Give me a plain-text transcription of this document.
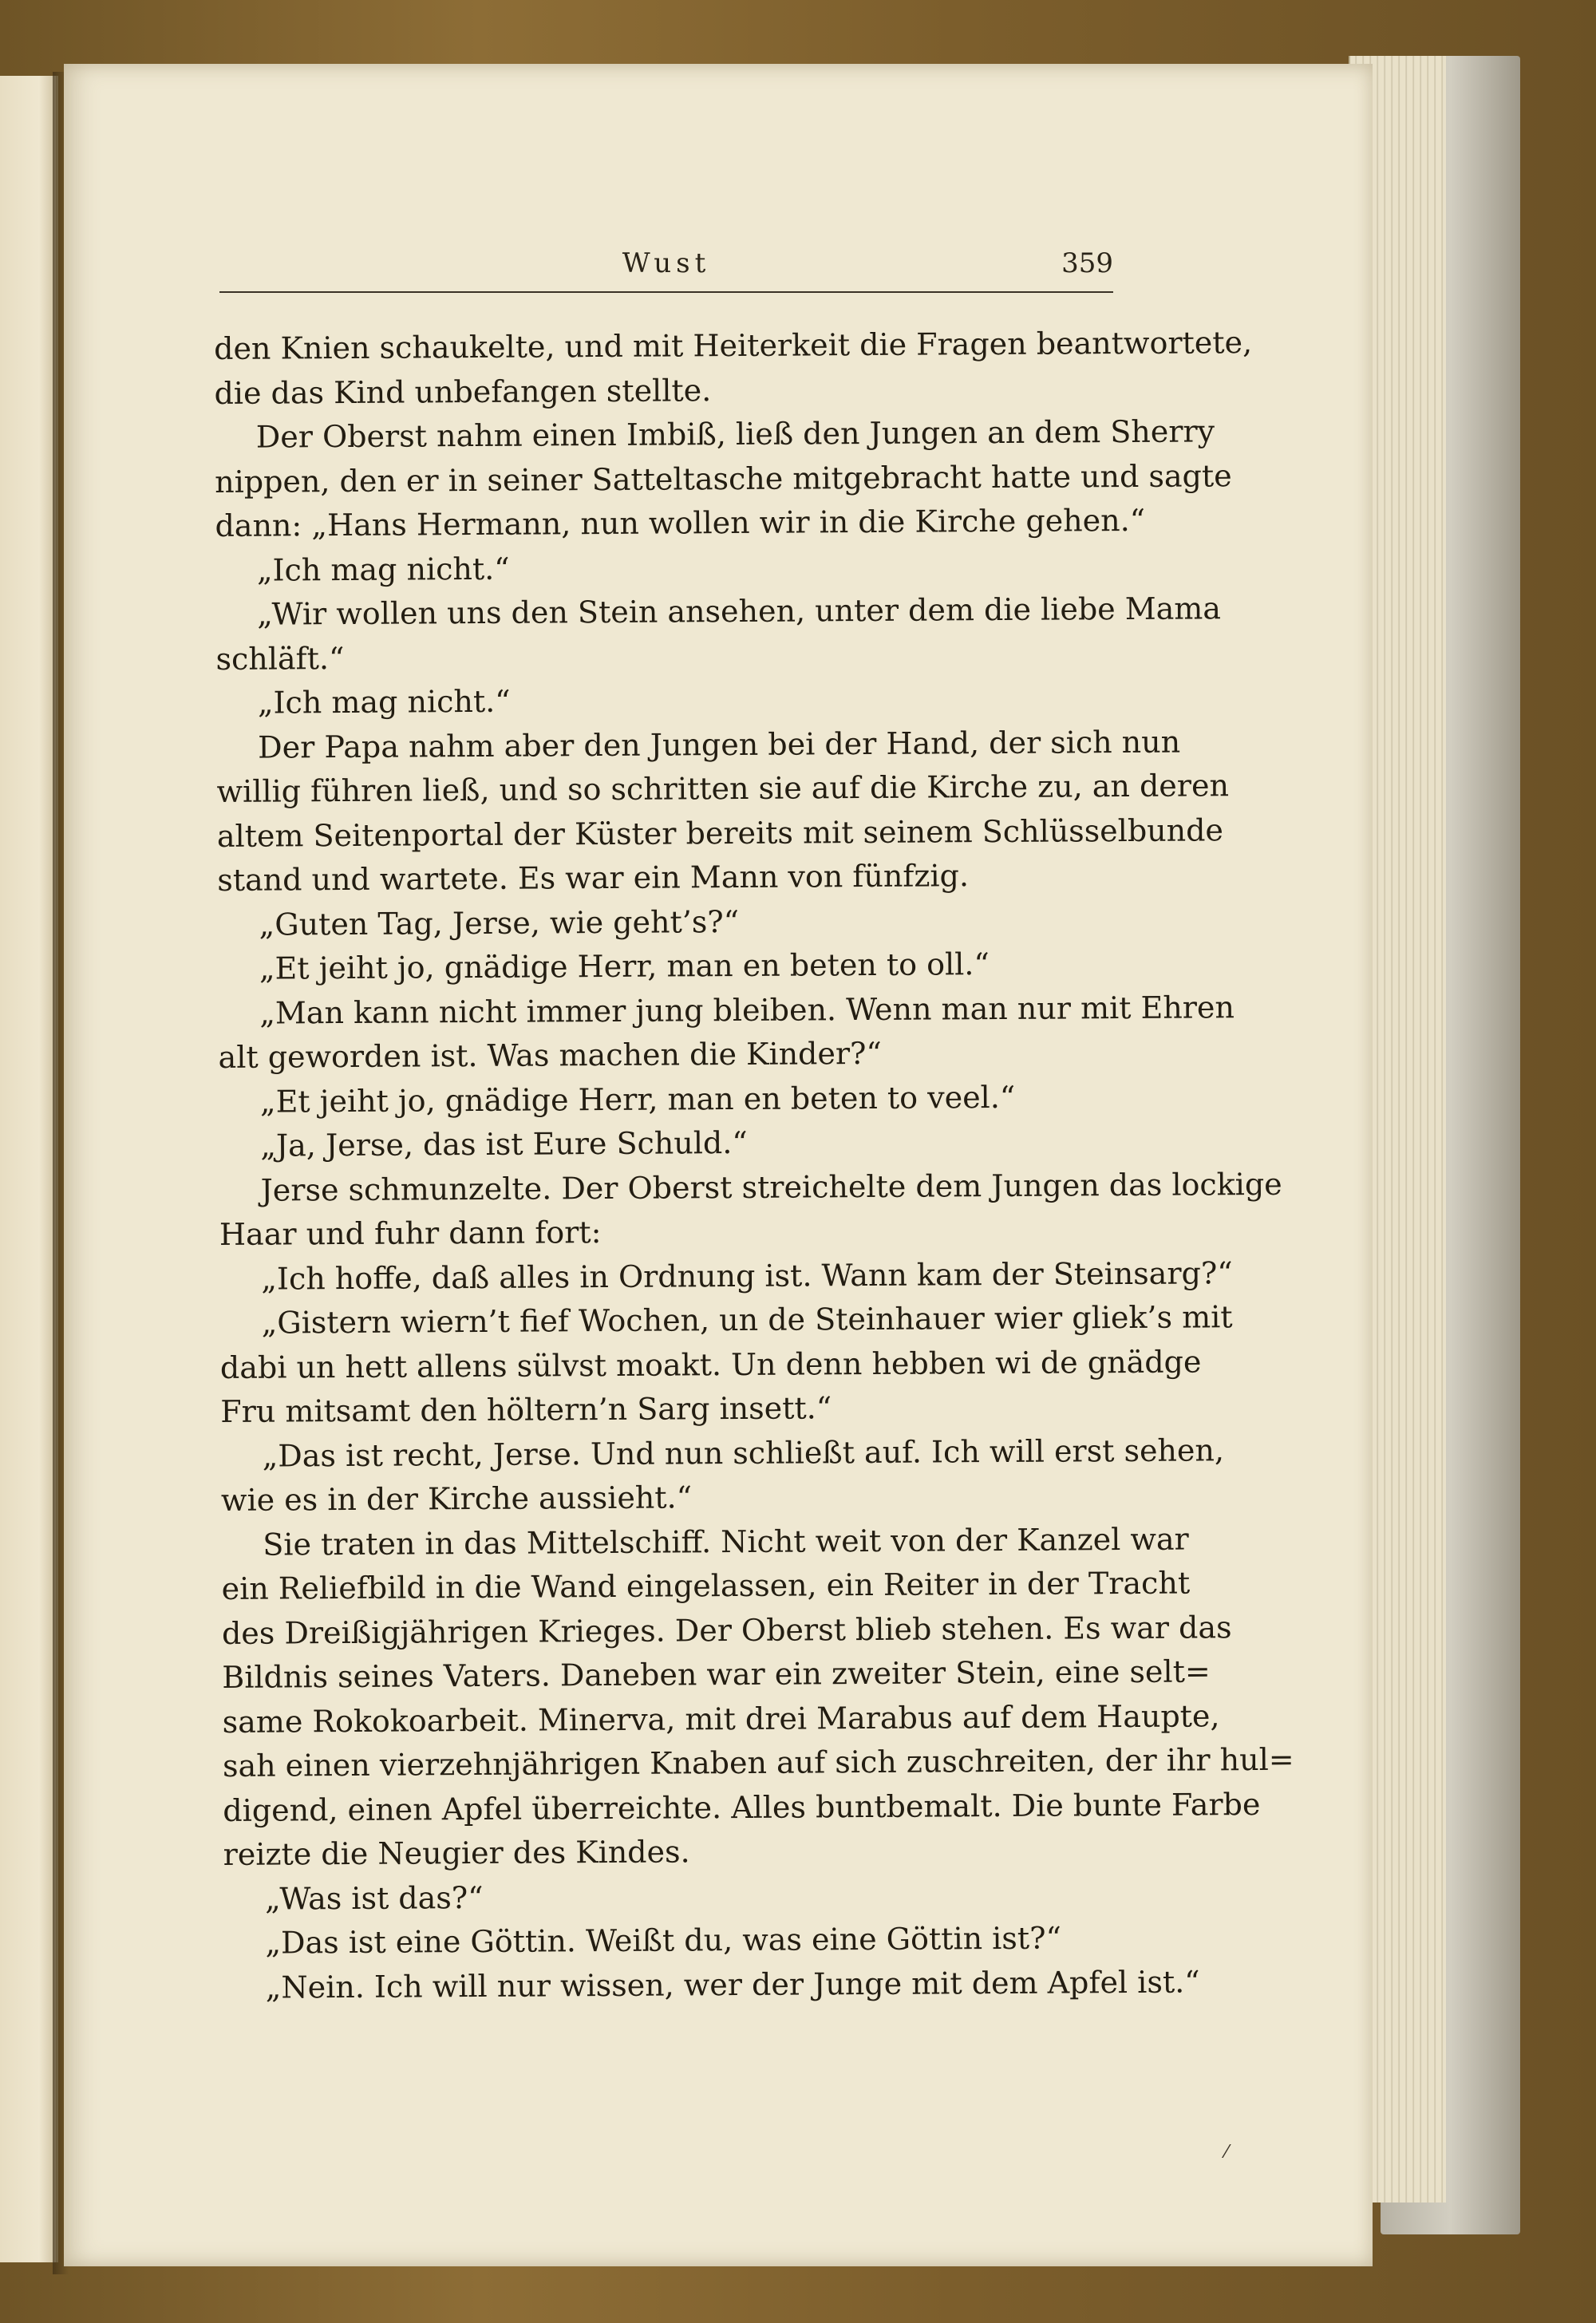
Wust	359
den Knien schaukelte, und mit Heiterkeit die Fragen beantwortete,
die das Kind unbefangen stellte.
Der Oberst nahm einen Imbiß, ließ den Jungen an dem Sherry
nippen, den er in seiner Satteltasche mitgebracht hatte und sagte
dann: „Hans Hermann, nun wollen wir in die Kirche gehen.“
„Ich mag nicht.“
„Wir wollen uns den Stein ansehen, unter dem die liebe Mama
schläft.“
„Ich mag nicht.“
Der Papa nahm aber den Jungen bei der Hand, der sich nun
willig führen ließ, und so schritten sie auf die Kirche zu, an deren
altem Seitenportal der Küster bereits mit seinem Schlüsselbunde
stand und wartete. Es war ein Mann von fünfzig.
„Guten Tag, Jerse, wie geht’s?“
„Et jeiht jo, gnädige Herr, man en beten to oll.“
„Man kann nicht immer jung bleiben. Wenn man nur mit Ehren
alt geworden ist. Was machen die Kinder?“
„Et jeiht jo, gnädige Herr, man en beten to veel.“
„Ja, Jerse, das ist Eure Schuld.“
Jerse schmunzelte. Der Oberst streichelte dem Jungen das lockige
Haar und fuhr dann fort:
„Ich hoffe, daß alles in Ordnung ist. Wann kam der Steinsarg?“
„Gistern wiern’t fief Wochen, un de Steinhauer wier gliek’s mit
dabi un hett allens sülvst moakt. Un denn hebben wi de gnädge
Fru mitsamt den höltern’n Sarg insett.“
„Das ist recht, Jerse. Und nun schließt auf. Ich will erst sehen,
wie es in der Kirche aussieht.“
Sie traten in das Mittelschiff. Nicht weit von der Kanzel war
ein Reliefbild in die Wand eingelassen, ein Reiter in der Tracht
des Dreißigjährigen Krieges. Der Oberst blieb stehen. Es war das
Bildnis seines Vaters. Daneben war ein zweiter Stein, eine selt=
same Rokokoarbeit. Minerva, mit drei Marabus auf dem Haupte,
sah einen vierzehnjährigen Knaben auf sich zuschreiten, der ihr hul=
digend, einen Apfel überreichte. Alles buntbemalt. Die bunte Farbe
reizte die Neugier des Kindes.
„Was ist das?“
„Das ist eine Göttin. Weißt du, was eine Göttin ist?“
„Nein. Ich will nur wissen, wer der Junge mit dem Apfel ist.“
⁄
